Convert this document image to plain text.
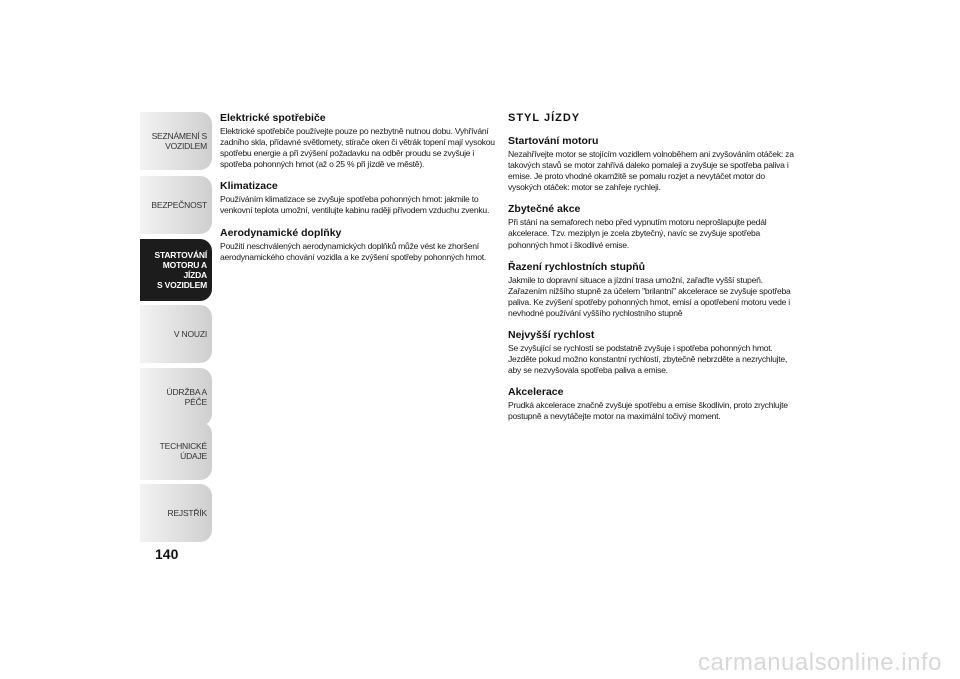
SEZNÁMENÍ S
VOZIDLEM
BEZPEČNOST
STARTOVÁNÍ
MOTORU A JÍZDA
S VOZIDLEM
V NOUZI
ÚDRŽBA A PÉČE
TECHNICKÉ ÚDAJE
REJSTŘÍK
140
Elektrické spotřebiče

Elektrické spotřebiče používejte pouze po nezbytně nutnou dobu. Vyhřívání zadního skla, přídavné světlomety, stírače oken či větrák topení mají vysokou spotřebu energie a při zvýšení požadavku na odběr proudu se zvyšuje i spotřeba pohonných hmot (až o 25 % při jízdě ve městě).

Klimatizace

Používáním klimatizace se zvyšuje spotřeba pohonných hmot: jakmile to venkovní teplota umožní, ventilujte kabinu raději přívodem vzduchu zvenku.

Aerodynamické doplňky

Použití neschválených aerodynamických doplňků může vést ke zhoršení aerodynamického chování vozidla a ke zvýšení spotřeby pohonných hmot.

STYL JÍZDY
Startování motoru

Nezahřívejte motor se stojícím vozidlem volnoběhem ani zvyšováním otáček: za takových stavů se motor zahřívá daleko pomaleji a zvyšuje se spotřeba paliva i emise. Je proto vhodné okamžitě se pomalu rozjet a nevytáčet motor do vysokých otáček: motor se zahřeje rychleji.

Zbytečné akce

Při stání na semaforech nebo před vypnutím motoru neprošlapujte pedál akcelerace. Tzv. meziplyn je zcela zbytečný, navíc se zvyšuje spotřeba pohonných hmot i škodlivé emise.

Řazení rychlostních stupňů

Jakmile to dopravní situace a jízdní trasa umožní, zařaďte vyšší stupeň. Zařazením nižšího stupně za účelem "brilantní" akcelerace se zvyšuje spotřeba paliva. Ke zvýšení spotřeby pohonných hmot, emisí a opotřebení motoru vede i nevhodné používání vyššího rychlostního stupně

Nejvyšší rychlost

Se zvyšující se rychlostí se podstatně zvyšuje i spotřeba pohonných hmot. Jezděte pokud možno konstantní rychlostí, zbytečně nebrzděte a nezrychlujte, aby se nezvyšovala spotřeba paliva a emise.

Akcelerace

Prudká akcelerace značně zvyšuje spotřebu a emise škodlivin, proto zrychlujte postupně a nevytáčejte motor na maximální točivý moment.

carmanualsonline.info
